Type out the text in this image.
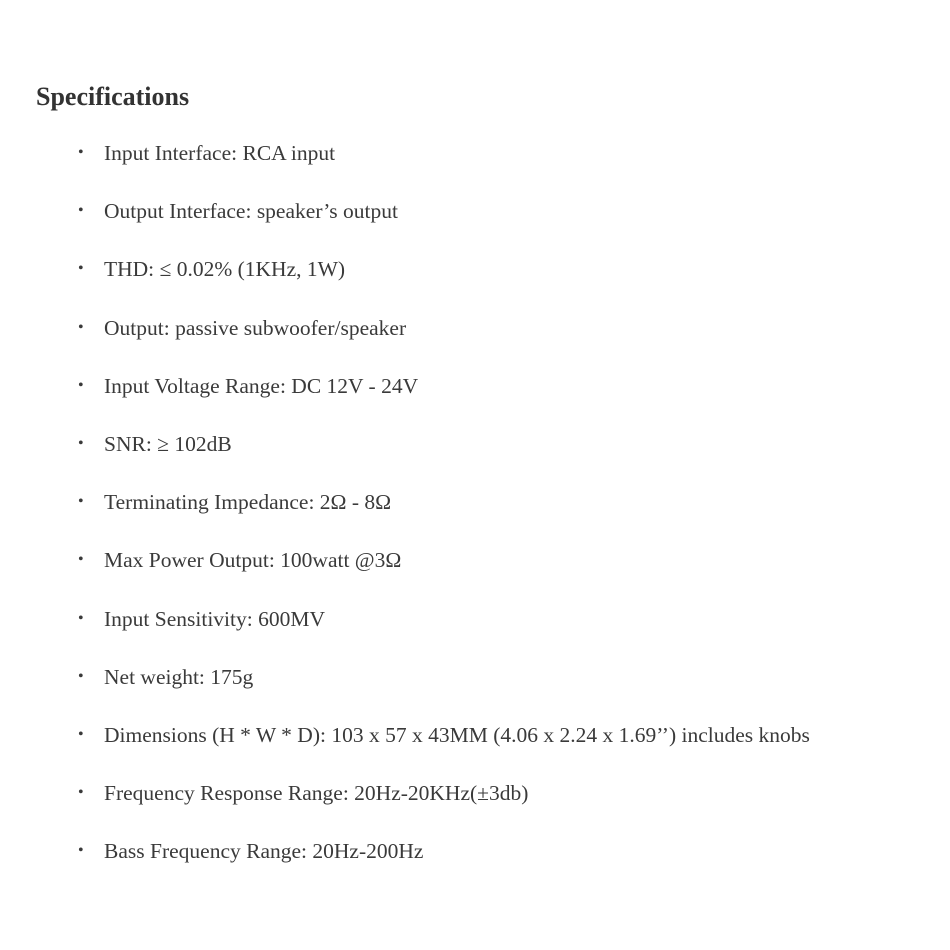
Specifications
• Input Interface: RCA input
• Output Interface: speaker’s output
• THD: ≤ 0.02% (1KHz, 1W)
• Output: passive subwoofer/speaker
• Input Voltage Range: DC 12V - 24V
• SNR: ≥ 102dB
• Terminating Impedance: 2Ω - 8Ω
• Max Power Output: 100watt @3Ω
• Input Sensitivity: 600MV
• Net weight: 175g
• Dimensions (H * W * D): 103 x 57 x 43MM (4.06 x 2.24 x 1.69’’) includes knobs
• Frequency Response Range: 20Hz-20KHz(±3db)
• Bass Frequency Range: 20Hz-200Hz
